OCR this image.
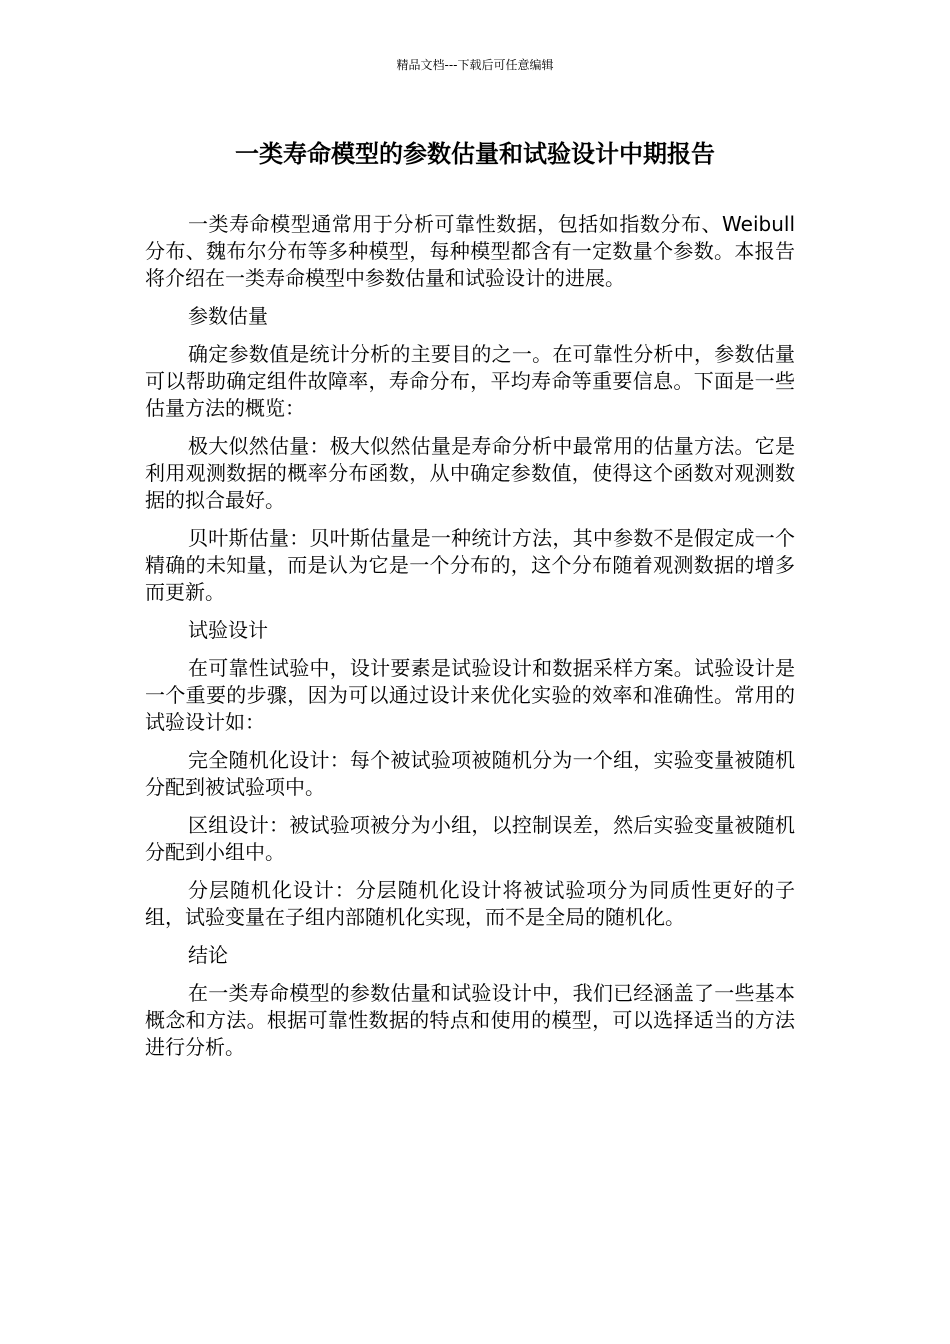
精品文档---下载后可任意编辑
一类寿命模型的参数估量和试验设计中期报告

一类寿命模型通常用于分析可靠性数据，包括如指数分布、Weibull分布、魏布尔分布等多种模型，每种模型都含有一定数量个参数。本报告将介绍在一类寿命模型中参数估量和试验设计的进展。

参数估量

确定参数值是统计分析的主要目的之一。在可靠性分析中，参数估量可以帮助确定组件故障率，寿命分布，平均寿命等重要信息。下面是一些估量方法的概览：

极大似然估量：极大似然估量是寿命分析中最常用的估量方法。它是利用观测数据的概率分布函数，从中确定参数值，使得这个函数对观测数据的拟合最好。

贝叶斯估量：贝叶斯估量是一种统计方法，其中参数不是假定成一个精确的未知量，而是认为它是一个分布的，这个分布随着观测数据的增多而更新。

试验设计

在可靠性试验中，设计要素是试验设计和数据采样方案。试验设计是一个重要的步骤，因为可以通过设计来优化实验的效率和准确性。常用的试验设计如：

完全随机化设计：每个被试验项被随机分为一个组，实验变量被随机分配到被试验项中。

区组设计：被试验项被分为小组，以控制误差，然后实验变量被随机分配到小组中。

分层随机化设计：分层随机化设计将被试验项分为同质性更好的子组，试验变量在子组内部随机化实现，而不是全局的随机化。

结论

在一类寿命模型的参数估量和试验设计中，我们已经涵盖了一些基本概念和方法。根据可靠性数据的特点和使用的模型，可以选择适当的方法进行分析。
